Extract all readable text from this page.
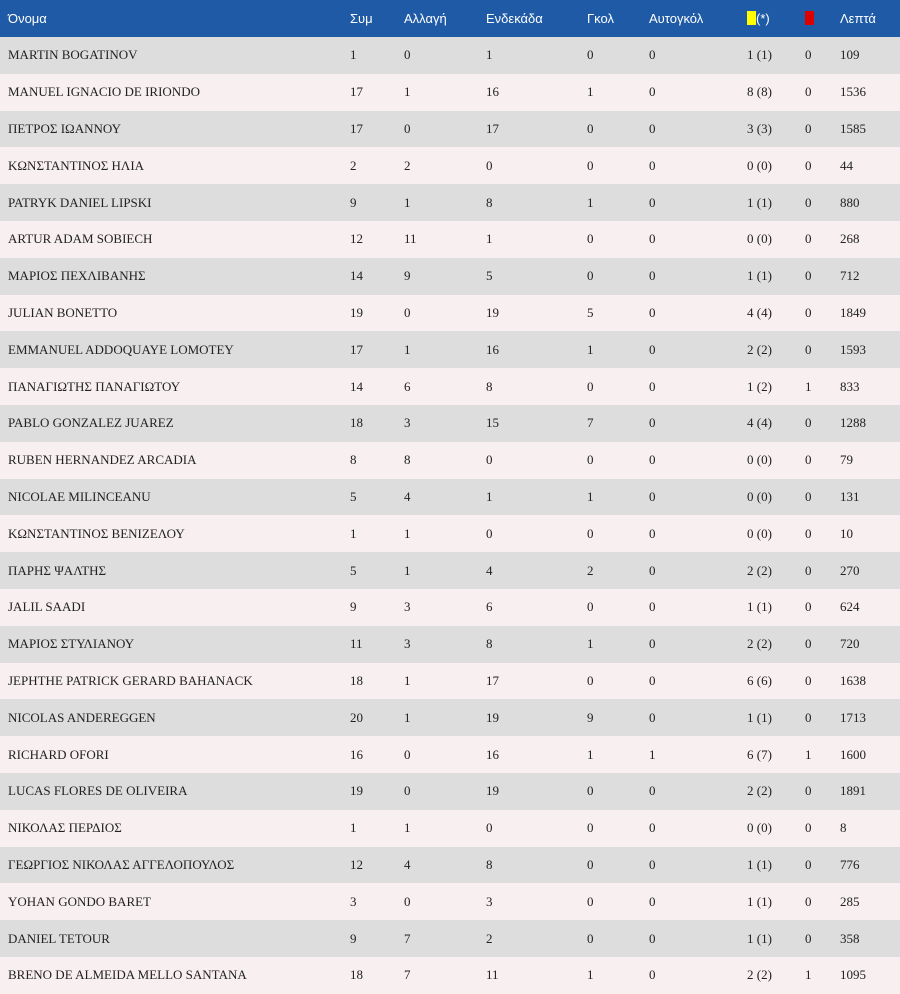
Όνομα	Συμ	Αλλαγή	Ενδεκάδα	Γκολ	Αυτογκόλ	(*)		Λεπτά
MARTIN BOGATINOV	1	0	1	0	0	1 (1)	0	109
MANUEL IGNACIO DE IRIONDO	17	1	16	1	0	8 (8)	0	1536
ΠΕΤΡΟΣ ΙΩΑΝΝΟΥ	17	0	17	0	0	3 (3)	0	1585
ΚΩΝΣΤΑΝΤΙΝΟΣ ΗΛΙΑ	2	2	0	0	0	0 (0)	0	44
PATRYK DANIEL LIPSKI	9	1	8	1	0	1 (1)	0	880
ARTUR ADAM SOBIECH	12	11	1	0	0	0 (0)	0	268
ΜΑΡΙΟΣ ΠΕΧΛΙΒΑΝΗΣ	14	9	5	0	0	1 (1)	0	712
JULIAN BONETTO	19	0	19	5	0	4 (4)	0	1849
EMMANUEL ADDOQUAYE LOMOTEY	17	1	16	1	0	2 (2)	0	1593
ΠΑΝΑΓΙΩΤΗΣ ΠΑΝΑΓΙΩΤΟΥ	14	6	8	0	0	1 (2)	1	833
PABLO GONZALEZ JUAREZ	18	3	15	7	0	4 (4)	0	1288
RUBEN HERNANDEZ ARCADIA	8	8	0	0	0	0 (0)	0	79
NICOLAE MILINCEANU	5	4	1	1	0	0 (0)	0	131
ΚΩΝΣΤΑΝΤΙΝΟΣ ΒΕΝΙΖΕΛΟΥ	1	1	0	0	0	0 (0)	0	10
ΠΑΡΗΣ ΨΑΛΤΗΣ	5	1	4	2	0	2 (2)	0	270
JALIL SAADI	9	3	6	0	0	1 (1)	0	624
ΜΑΡΙΟΣ ΣΤΥΛΙΑΝΟΥ	11	3	8	1	0	2 (2)	0	720
JEPHTHE PATRICK GERARD BAHANACK	18	1	17	0	0	6 (6)	0	1638
NICOLAS ANDEREGGEN	20	1	19	9	0	1 (1)	0	1713
RICHARD OFORI	16	0	16	1	1	6 (7)	1	1600
LUCAS FLORES DE OLIVEIRA	19	0	19	0	0	2 (2)	0	1891
ΝΙΚΟΛΑΣ ΠΕΡΔΙΟΣ	1	1	0	0	0	0 (0)	0	8
ΓΕΩΡΓΙΟΣ ΝΙΚΟΛΑΣ ΑΓΓΕΛΟΠΟΥΛΟΣ	12	4	8	0	0	1 (1)	0	776
YOHAN GONDO BARET	3	0	3	0	0	1 (1)	0	285
DANIEL TETOUR	9	7	2	0	0	1 (1)	0	358
BRENO DE ALMEIDA MELLO SANTANA	18	7	11	1	0	2 (2)	1	1095
